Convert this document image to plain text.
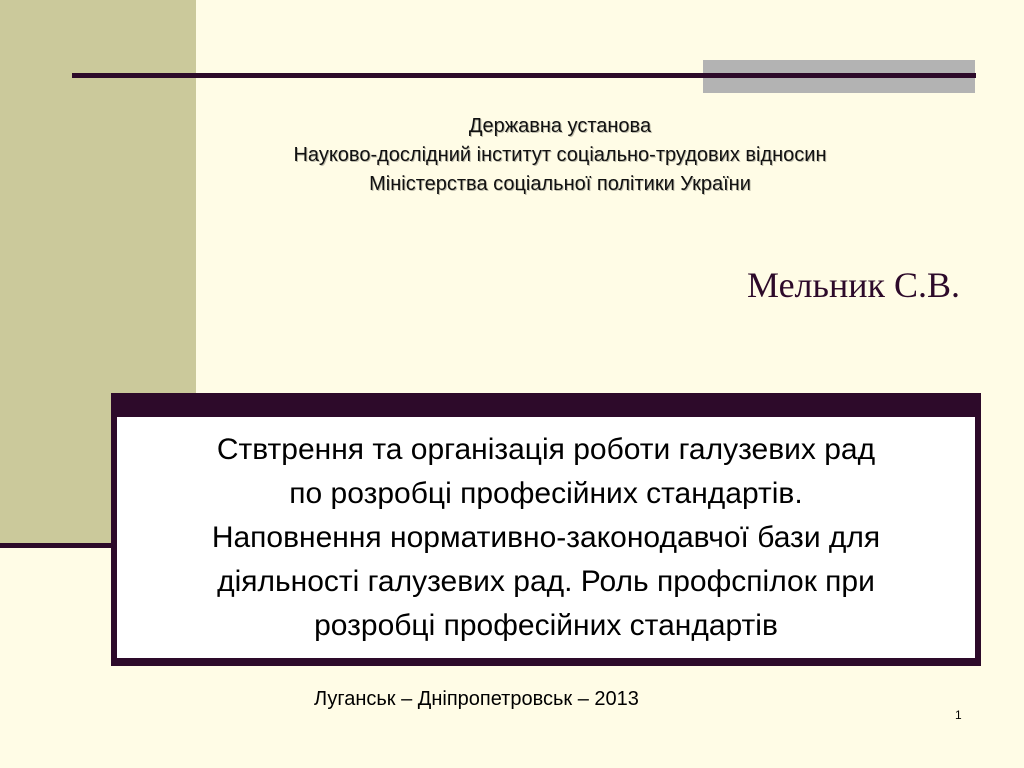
Державна установа
Науково-дослідний інститут соціально-трудових відносин
Міністерства соціальної політики України
Мельник С.В.
Ствтрення та організація роботи галузевих рад
по розробці професійних стандартів.
Наповнення нормативно-законодавчої бази для
діяльності галузевих рад. Роль профспілок при
розробці професійних стандартів
Луганськ – Дніпропетровськ – 2013
1
